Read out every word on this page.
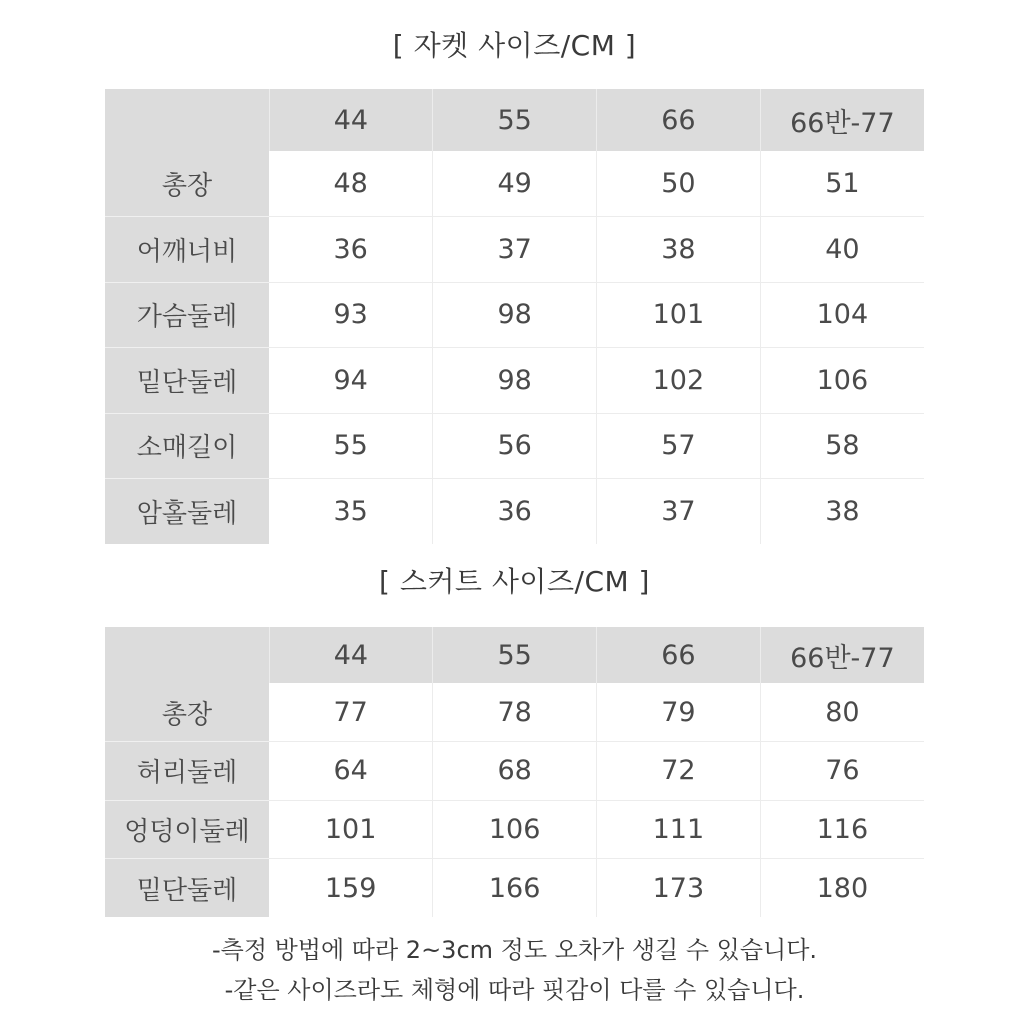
[ 자켓 사이즈/CM ]
	44	55	66	66반-77
총장	48	49	50	51
어깨너비	36	37	38	40
가슴둘레	93	98	101	104
밑단둘레	94	98	102	106
소매길이	55	56	57	58
암홀둘레	35	36	37	38
[ 스커트 사이즈/CM ]
	44	55	66	66반-77
총장	77	78	79	80
허리둘레	64	68	72	76
엉덩이둘레	101	106	111	116
밑단둘레	159	166	173	180
-측정 방법에 따라 2~3cm 정도 오차가 생길 수 있습니다.
-같은 사이즈라도 체형에 따라 핏감이 다를 수 있습니다.
